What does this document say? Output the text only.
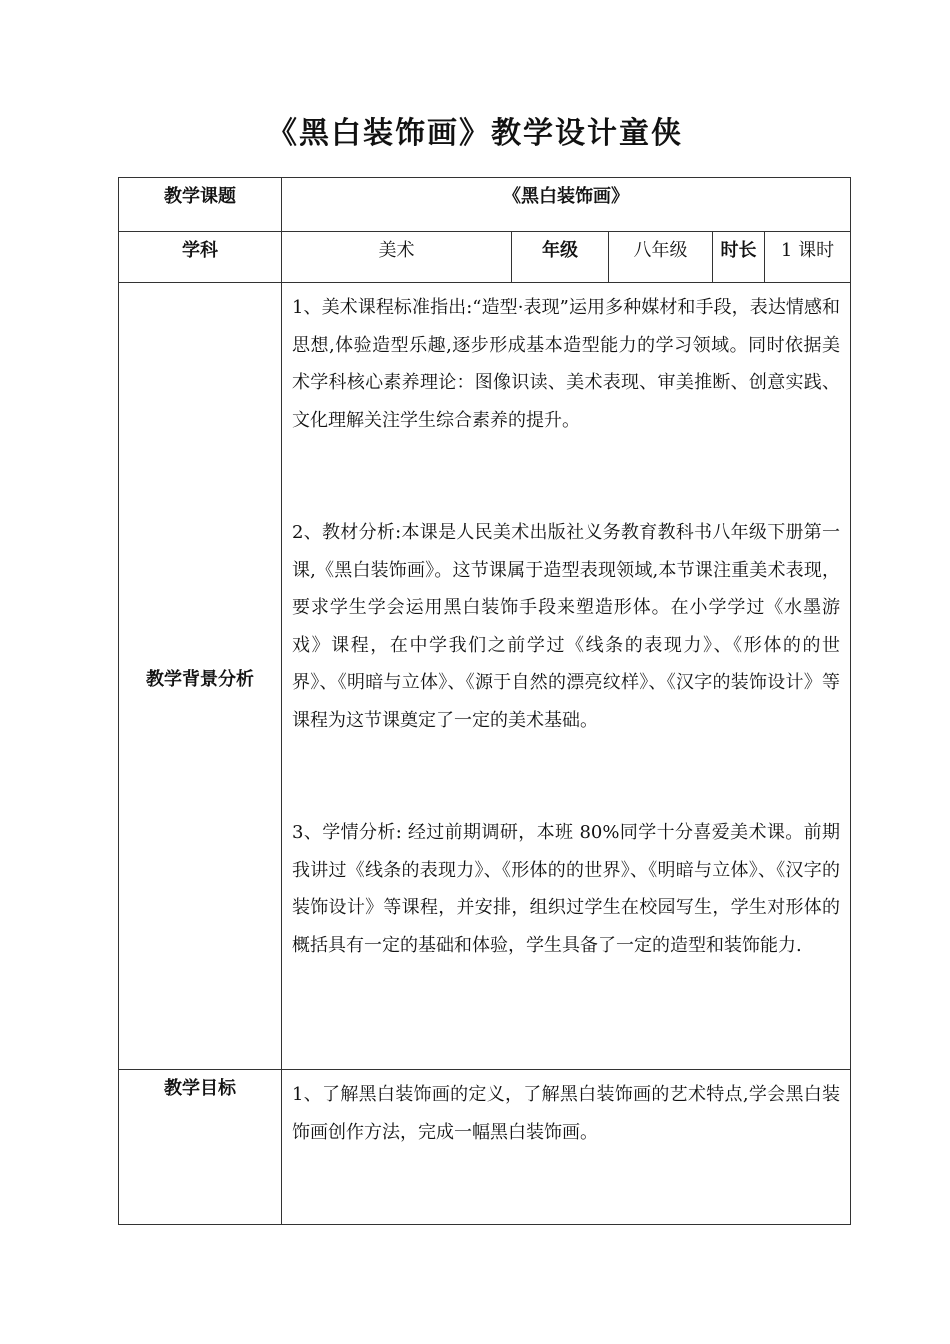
《黑白装饰画》教学设计童侠
教学课题	《黑白装饰画》				
学科	美术	年级	八年级	时长	1 课时
教学背景分析	1、美术课程标准指出:“造型·表现”运用多种媒材和手段，表达情感和思想,体验造型乐趣,逐步形成基本造型能力的学习领域。同时依据美术学科核心素养理论：图像识读、美术表现、审美推断、创意实践、文化理解关注学生综合素养的提升。

2、教材分析:本课是人民美术出版社义务教育教科书八年级下册第一课,《黑白装饰画》。这节课属于造型表现领域,本节课注重美术表现，要求学生学会运用黑白装饰手段来塑造形体。在小学学过《水墨游戏》课程，在中学我们之前学过《线条的表现力》、《形体的的世界》、《明暗与立体》、《源于自然的漂亮纹样》、《汉字的装饰设计》等课程为这节课奠定了一定的美术基础。

3、学情分析: 经过前期调研，本班 80%同学十分喜爱美术课。前期我讲过《线条的表现力》、《形体的的世界》、《明暗与立体》、《汉字的装饰设计》等课程，并安排，组织过学生在校园写生，学生对形体的概括具有一定的基础和体验，学生具备了一定的造型和装饰能力.				

教学目标	1、了解黑白装饰画的定义，了解黑白装饰画的艺术特点,学会黑白装饰画创作方法，完成一幅黑白装饰画。				
